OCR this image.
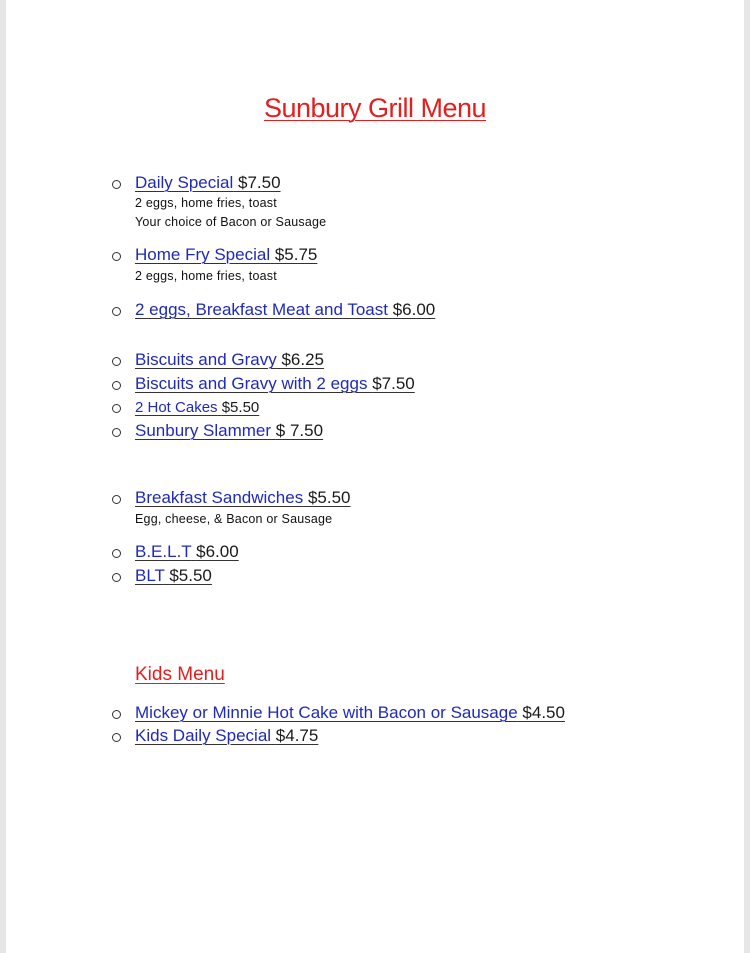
Sunbury Grill Menu
Daily Special $7.50
2 eggs, home fries, toast
Your choice of Bacon or Sausage
Home Fry Special $5.75
2 eggs, home fries, toast
2 eggs, Breakfast Meat and Toast $6.00
Biscuits and Gravy $6.25
Biscuits and Gravy with 2 eggs $7.50
2 Hot Cakes $5.50
Sunbury Slammer $ 7.50
Breakfast Sandwiches $5.50
Egg, cheese, & Bacon or Sausage
B.E.L.T $6.00
BLT $5.50
Kids Menu
Mickey or Minnie Hot Cake with Bacon or Sausage $4.50
Kids Daily Special $4.75
